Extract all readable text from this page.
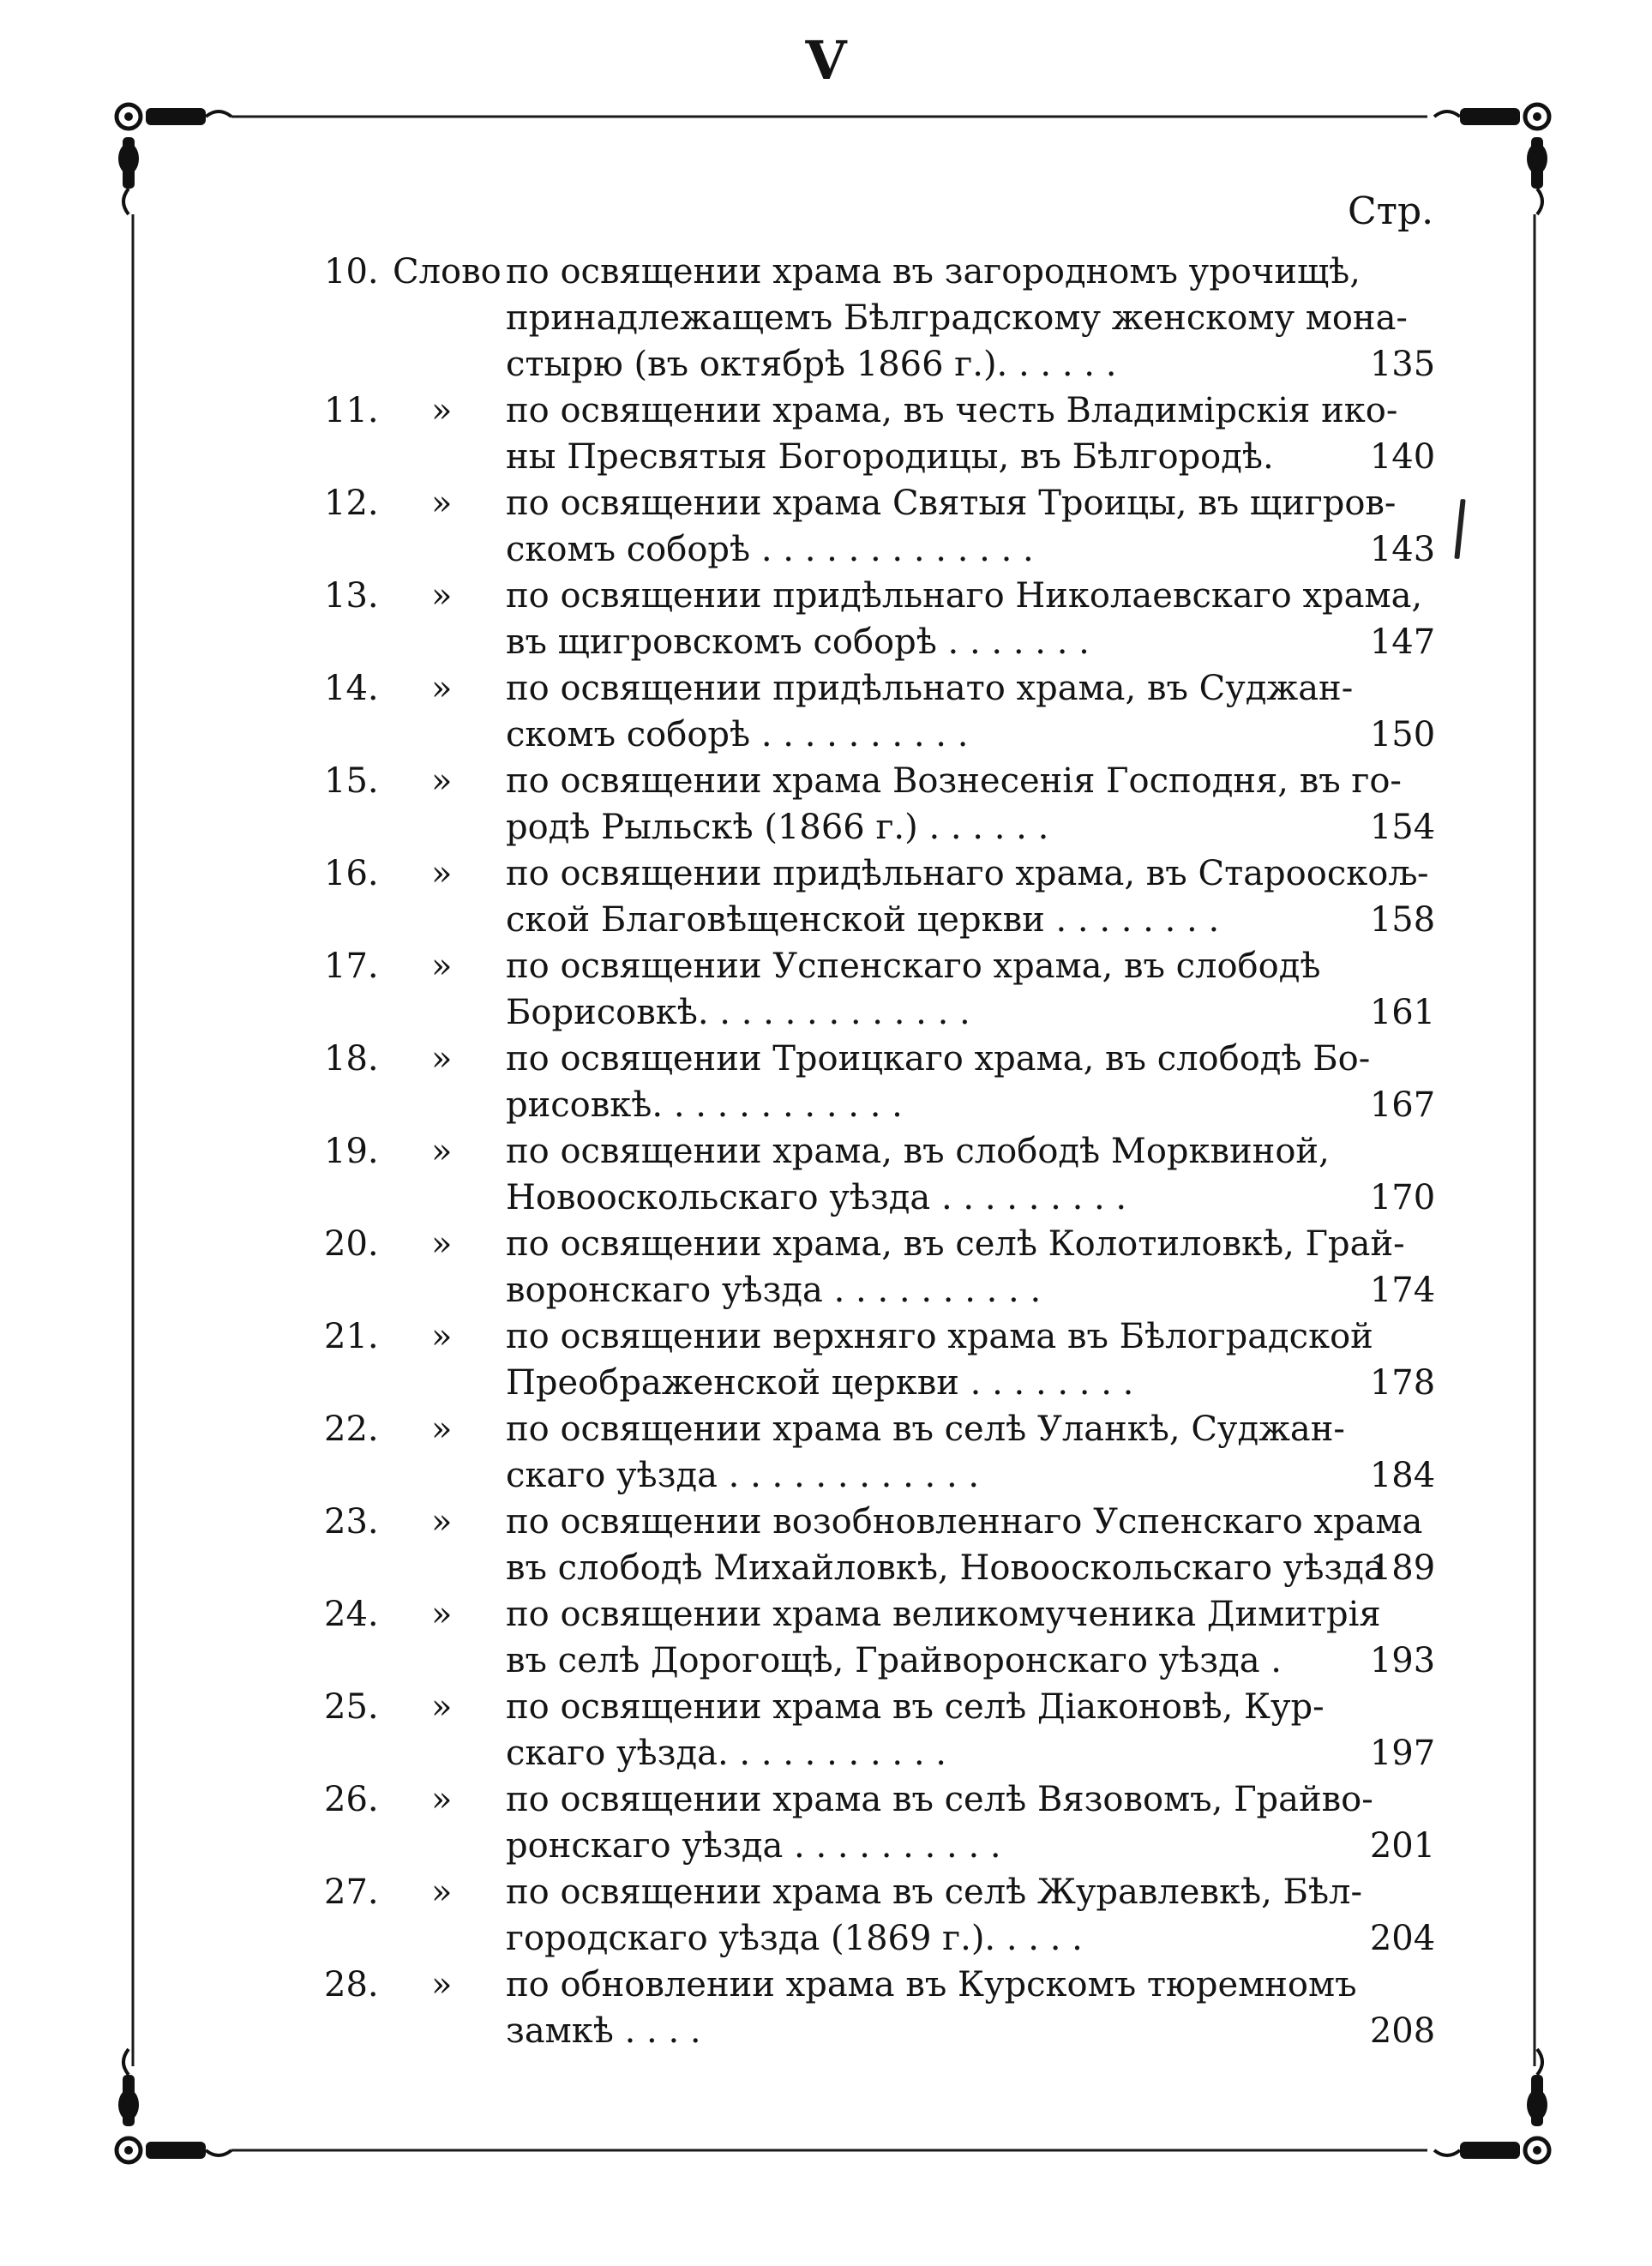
V
Стр.
10. Слово по освящении храма въ загородномъ урочищѣ,
принадлежащемъ Бѣлградскому женскому мона-
стырю (въ октябрѣ 1866 г.). . . . . .	135
11. » по освящении храма, въ честь Владимірскія ико-
ны Пресвятыя Богородицы, въ Бѣлгородѣ.	140
12. » по освящении храма Святыя Троицы, въ щигров-
скомъ соборѣ . . . . . . . . . . . . .	143
13. » по освящении придѣльнаго Николаевскаго храма,
въ щигровскомъ соборѣ . . . . . . .	147
14. » по освящении придѣльнато храма, въ Суджан-
скомъ соборѣ . . . . . . . . . .	150
15. » по освящении храма Вознесенія Господня, въ го-
родѣ Рыльскѣ (1866 г.) . . . . . .	154
16. » по освящении придѣльнаго храма, въ Старооскољ-
ской Благовѣщенской церкви . . . . . . . .	158
17. » по освящении Успенскаго храма, въ слободѣ
Борисовкѣ. . . . . . . . . . . . .	161
18. » по освящении Троицкаго храма, въ слободѣ Бо-
рисовкѣ. . . . . . . . . . . .	167
19. » по освящении храма, въ слободѣ Морквиной,
Новооскольскаго уѣзда . . . . . . . . .	170
20. » по освящении храма, въ селѣ Колотиловкѣ, Грай-
воронскаго уѣзда . . . . . . . . . .	174
21. » по освящении верхняго храма въ Бѣлоградской
Преображенской церкви . . . . . . . .	178
22. » по освящении храма въ селѣ Уланкѣ, Суджан-
скаго уѣзда . . . . . . . . . . . .	184
23. » по освящении возобновленнаго Успенскаго храма
въ слободѣ Михайловкѣ, Новооскольскаго уѣзда
189
24. » по освящении храма великомученика Димитрія
въ селѣ Дорогощѣ, Грайворонскаго уѣзда .	193
25. » по освящении храма въ селѣ Діаконовѣ, Кур-
скаго уѣзда. . . . . . . . . . .	197
26. » по освящении храма въ селѣ Вязовомъ, Грайво-
ронскаго уѣзда . . . . . . . . . .	201
27. » по освящении храма въ селѣ Журавлевкѣ, Бѣл-
городскаго уѣзда (1869 г.). . . . .	204
28. » по обновлении храма въ Курскомъ тюремномъ
замкѣ . . . .	208
